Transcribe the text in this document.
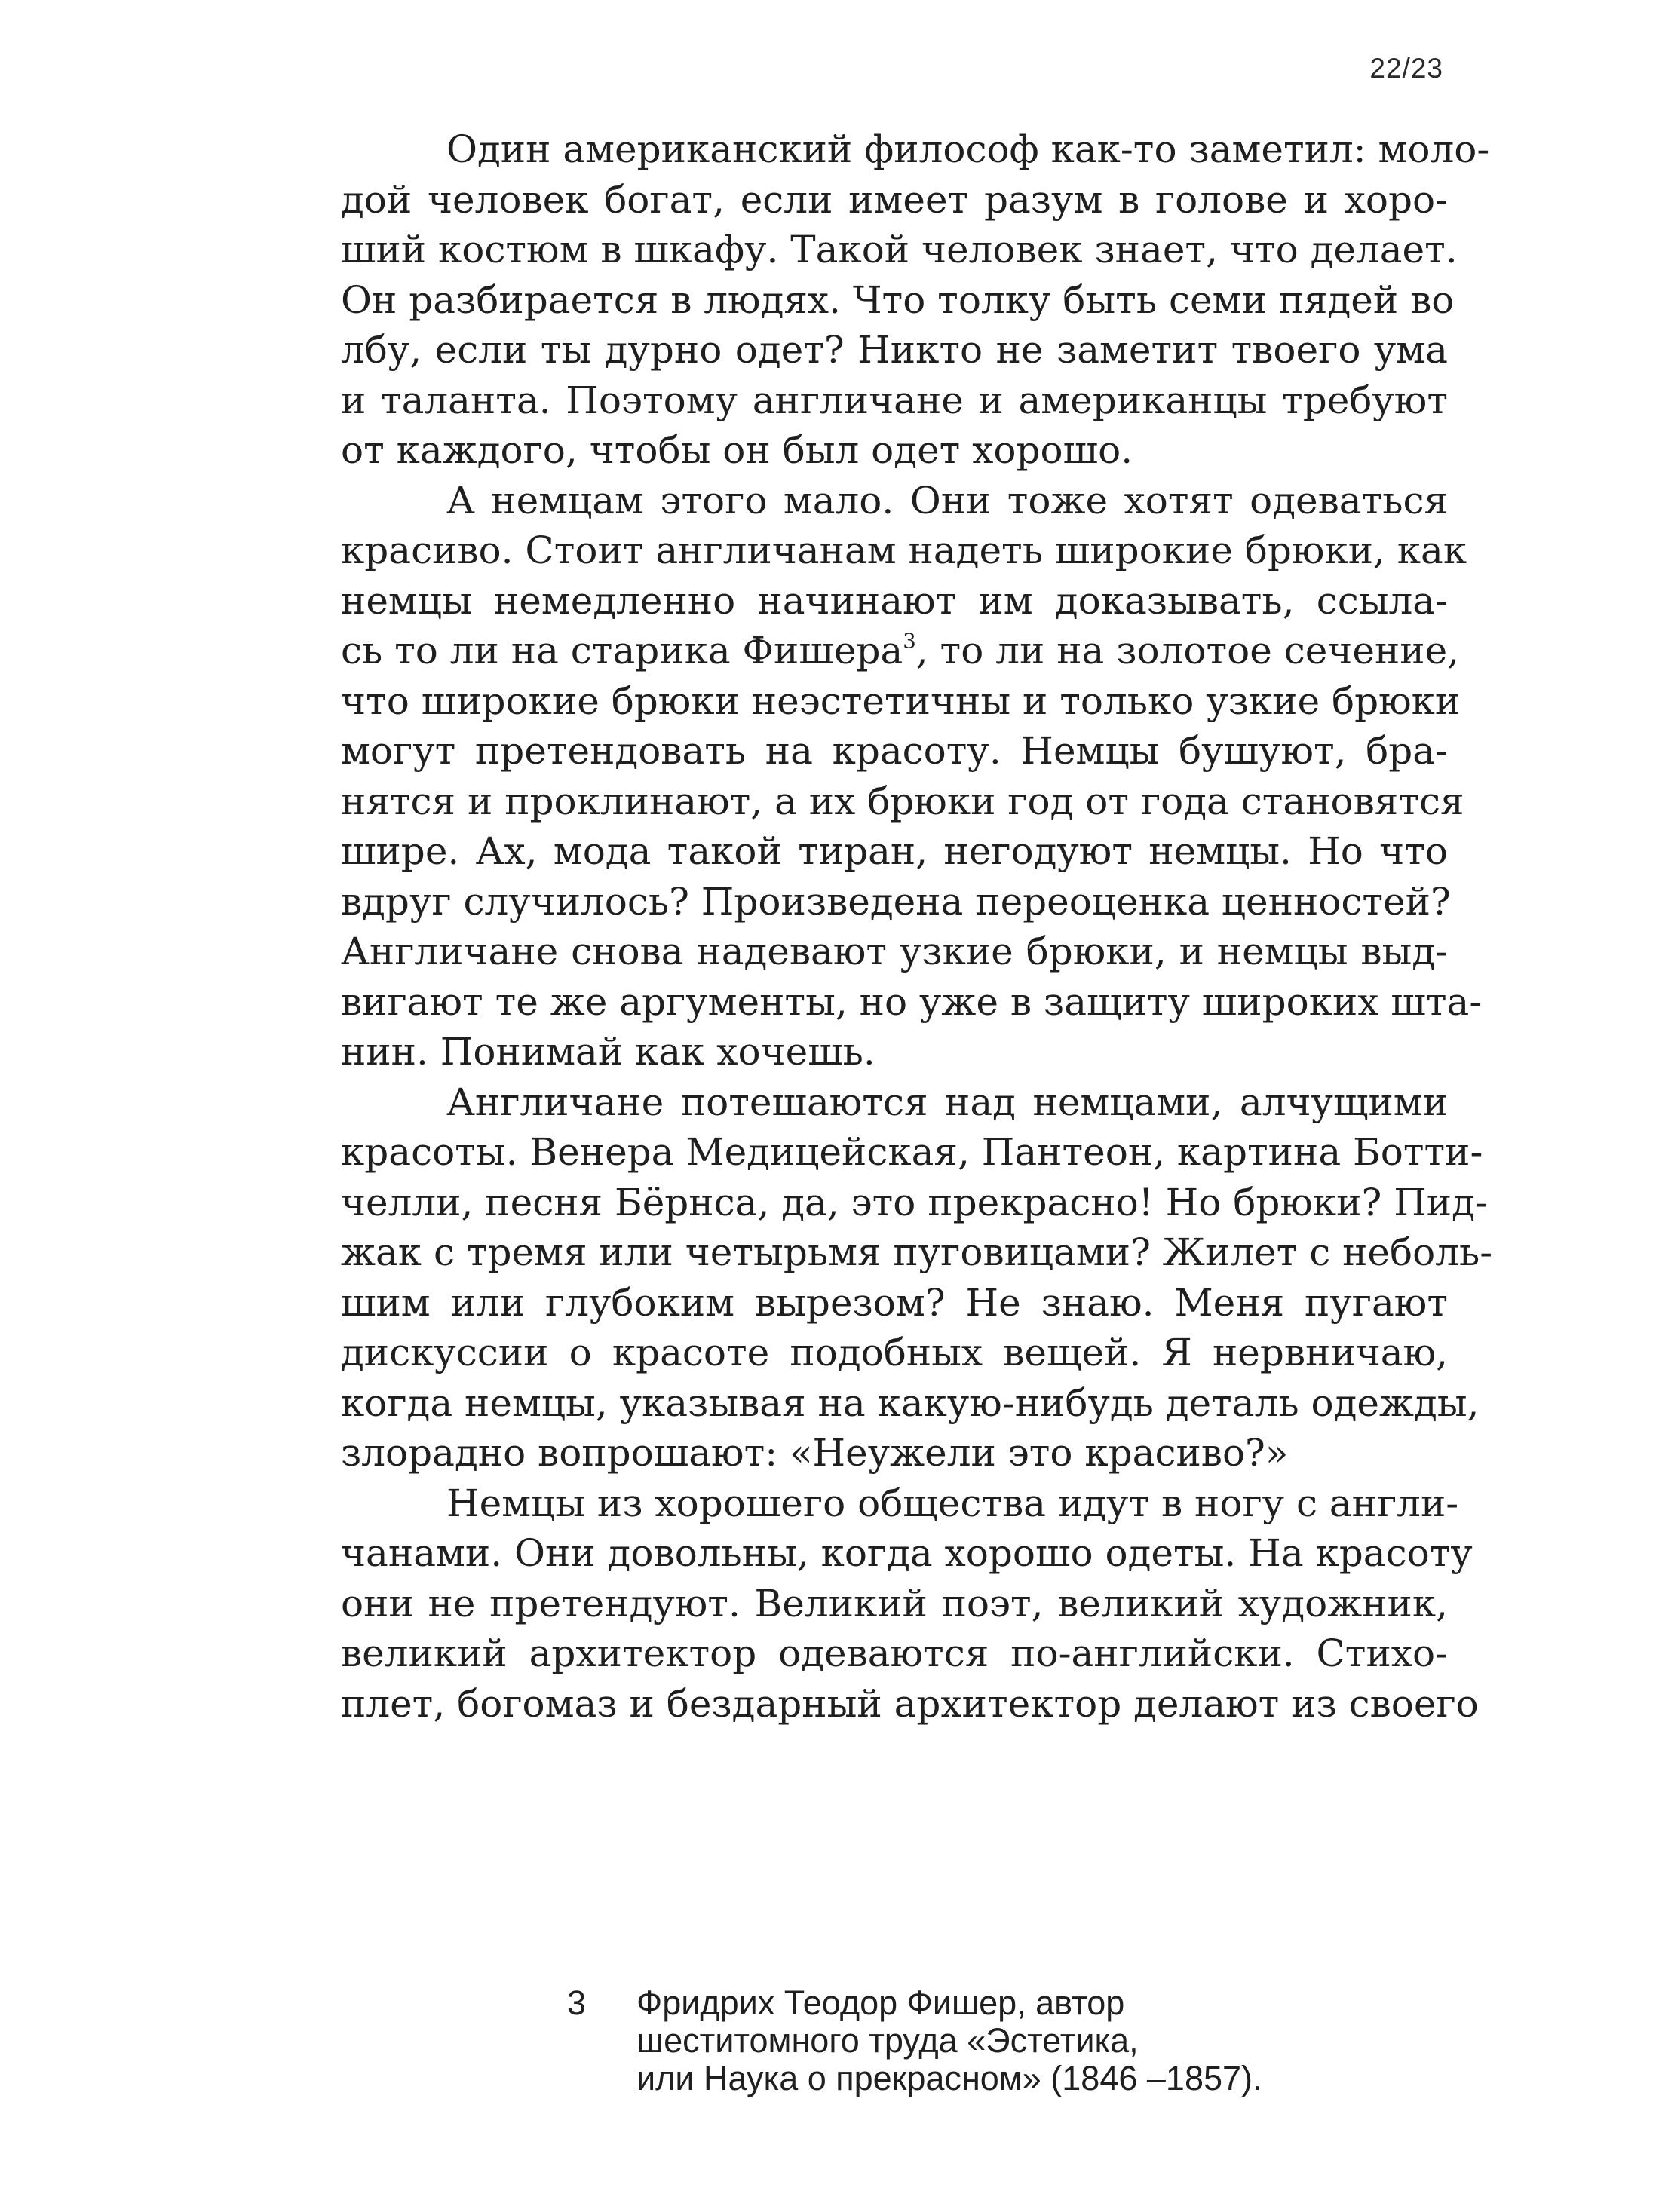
22/23

Один американский философ как-то заметил: моло-
дой человек богат, если имеет разум в голове и хоро-
ший костюм в шкафу. Такой человек знает, что делает.
Он разбирается в людях. Что толку быть семи пядей во
лбу, если ты дурно одет? Никто не заметит твоего ума
и таланта. Поэтому англичане и американцы требуют
от каждого, чтобы он был одет хорошо.

А немцам этого мало. Они тоже хотят одеваться
красиво. Стоит англичанам надеть широкие брюки, как
немцы немедленно начинают им доказывать, ссыла-
сь то ли на старика Фишера$^3$, то ли на золотое сечение,
что широкие брюки неэстетичны и только узкие брюки
могут претендовать на красоту. Немцы бушуют, бра-
нятся и проклинают, а их брюки год от года становятся
шире. Ах, мода такой тиран, негодуют немцы. Но что
вдруг случилось? Произведена переоценка ценностей?
Англичане снова надевают узкие брюки, и немцы выд-
вигают те же аргументы, но уже в защиту широких шта-
нин. Понимай как хочешь.

Англичане потешаются над немцами, алчущими
красоты. Венера Медицейская, Пантеон, картина Ботти-
челли, песня Бёрнса, да, это прекрасно! Но брюки? Пид-
жак с тремя или четырьмя пуговицами? Жилет с неболь-
шим или глубоким вырезом? Не знаю. Меня пугают
дискуссии о красоте подобных вещей. Я нервничаю,
когда немцы, указывая на какую-нибудь деталь одежды,
злорадно вопрошают: «Неужели это красиво?»

Немцы из хорошего общества идут в ногу с англи-
чанами. Они довольны, когда хорошо одеты. На красоту
они не претендуют. Великий поэт, великий художник,
великий архитектор одеваются по-английски. Стихо-
плет, богомаз и бездарный архитектор делают из своего

3 Фридрих Теодор Фишер, автор
шеститомного труда «Эстетика,
или Наука о прекрасном» (1846 –1857).
